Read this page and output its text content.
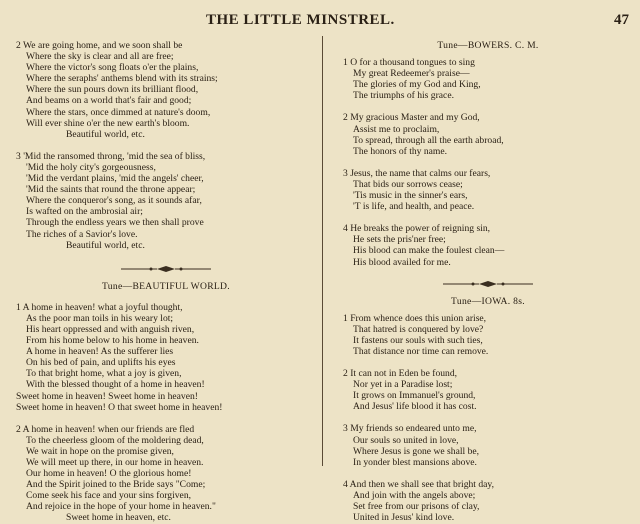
THE LITTLE MINSTREL.	47
2 We are going home, and we soon shall be
Where the sky is clear and all are free;
Where the victor's song floats o'er the plains,
Where the seraphs' anthems blend with its strains;
Where the sun pours down its brilliant flood,
And beams on a world that's fair and good;
Where the stars, once dimmed at nature's doom,
Will ever shine o'er the new earth's bloom.
Beautiful world, etc.
3 'Mid the ransomed throng, 'mid the sea of bliss,
'Mid the holy city's gorgeousness,
'Mid the verdant plains, 'mid the angels' cheer,
'Mid the saints that round the throne appear;
Where the conqueror's song, as it sounds afar,
Is wafted on the ambrosial air;
Through the endless years we then shall prove
The riches of a Savior's love.
Beautiful world, etc.
Tune—BEAUTIFUL WORLD.
1 A home in heaven! what a joyful thought,
As the poor man toils in his weary lot;
His heart oppressed and with anguish riven,
From his home below to his home in heaven.
A home in heaven! As the sufferer lies
On his bed of pain, and uplifts his eyes
To that bright home, what a joy is given,
With the blessed thought of a home in heaven!
Sweet home in heaven! Sweet home in heaven!
Sweet home in heaven! O that sweet home in heaven!
2 A home in heaven! when our friends are fled
To the cheerless gloom of the moldering dead,
We wait in hope on the promise given,
We will meet up there, in our home in heaven.
Our home in heaven! O the glorious home!
And the Spirit joined to the Bride says "Come;
Come seek his face and your sins forgiven,
And rejoice in the hope of your home in heaven."
Sweet home in heaven, etc.
Tune—BOWERS. C. M.
1 O for a thousand tongues to sing
My great Redeemer's praise—
The glories of my God and King,
The triumphs of his grace.
2 My gracious Master and my God,
Assist me to proclaim,
To spread, through all the earth abroad,
The honors of thy name.
3 Jesus, the name that calms our fears,
That bids our sorrows cease;
'Tis music in the sinner's ears,
'T is life, and health, and peace.
4 He breaks the power of reigning sin,
He sets the pris'ner free;
His blood can make the foulest clean—
His blood availed for me.
Tune—IOWA. 8s.
1 From whence does this union arise,
That hatred is conquered by love?
It fastens our souls with such ties,
That distance nor time can remove.
2 It can not in Eden be found,
Nor yet in a Paradise lost;
It grows on Immanuel's ground,
And Jesus' life blood it has cost.
3 My friends so endeared unto me,
Our souls so united in love,
Where Jesus is gone we shall be,
In yonder blest mansions above.
4 And then we shall see that bright day,
And join with the angels above;
Set free from our prisons of clay,
United in Jesus' kind love.
